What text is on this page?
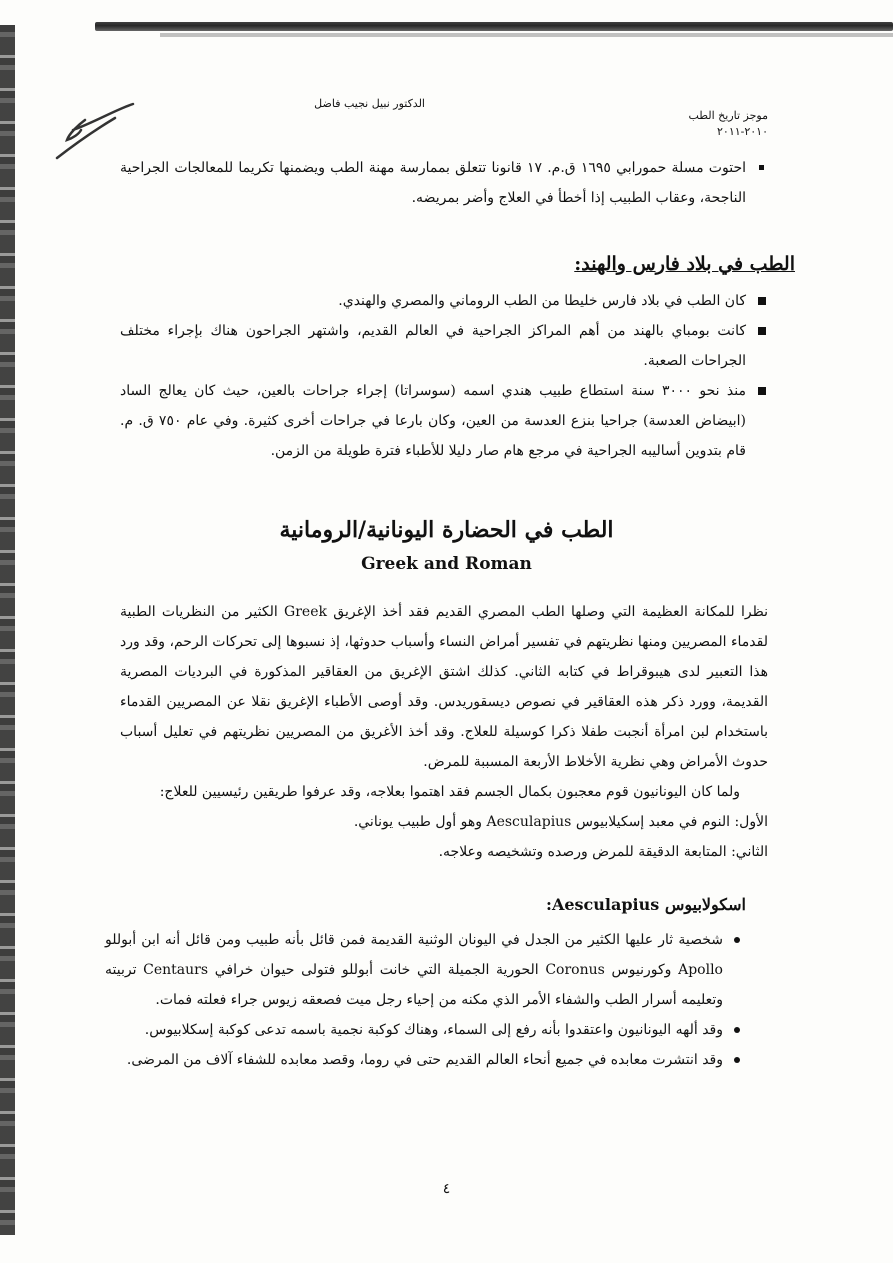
الدكتور نبيل نجيب فاضل
موجز تاريخ الطب
٢٠١٠-٢٠١١
احتوت مسلة حمورابي ١٦٩٥ ق.م. ١٧ قانونا تتعلق بممارسة مهنة الطب ويضمنها تكريما للمعالجات الجراحية الناجحة، وعقاب الطبيب إذا أخطأ في العلاج وأضر بمريضه.
الطب في بلاد فارس والهند:
كان الطب في بلاد فارس خليطا من الطب الروماني والمصري والهندي.
كانت بومباي بالهند من أهم المراكز الجراحية في العالم القديم، واشتهر الجراحون هناك بإجراء مختلف الجراحات الصعبة.
منذ نحو ٣٠٠٠ سنة استطاع طبيب هندي اسمه (سوسراتا) إجراء جراحات بالعين، حيث كان يعالج الساد (ابيضاض العدسة) جراحيا بنزع العدسة من العين، وكان بارعا في جراحات أخرى كثيرة. وفي عام ٧٥٠ ق. م. قام بتدوين أساليبه الجراحية في مرجع هام صار دليلا للأطباء فترة طويلة من الزمن.
الطب في الحضارة اليونانية/الرومانية
Greek and Roman

نظرا للمكانة العظيمة التي وصلها الطب المصري القديم فقد أخذ الإغريق Greek الكثير من النظريات الطبية لقدماء المصريين ومنها نظريتهم في تفسير أمراض النساء وأسباب حدوثها، إذ نسبوها إلى تحركات الرحم، وقد ورد هذا التعبير لدى هيبوقراط في كتابه الثاني. كذلك اشتق الإغريق من العقاقير المذكورة في البرديات المصرية القديمة، وورد ذكر هذه العقاقير في نصوص ديسقوريدس. وقد أوصى الأطباء الإغريق نقلا عن المصريين القدماء باستخدام لبن امرأة أنجبت طفلا ذكرا كوسيلة للعلاج. وقد أخذ الأغريق من المصريين نظريتهم في تعليل أسباب حدوث الأمراض وهي نظرية الأخلاط الأربعة المسببة للمرض.

ولما كان اليونانيون قوم معجبون بكمال الجسم فقد اهتموا بعلاجه، وقد عرفوا طريقين رئيسيين للعلاج:

الأول: النوم في معبد إسكيلابيوس Aesculapius وهو أول طبيب يوناني.

الثاني: المتابعة الدقيقة للمرض ورصده وتشخيصه وعلاجه.

اسكولابيوس Aesculapius:
شخصية ثار عليها الكثير من الجدل في اليونان الوثنية القديمة فمن قائل بأنه طبيب ومن قائل أنه ابن أبوللو Apollo وكورنيوس Coronus الحورية الجميلة التي خانت أبوللو فتولى حيوان خرافي Centaurs تربيته وتعليمه أسرار الطب والشفاء الأمر الذي مكنه من إحياء رجل ميت فصعقه زيوس جراء فعلته فمات.
وقد ألهه اليونانيون واعتقدوا بأنه رفع إلى السماء، وهناك كوكبة نجمية باسمه تدعى كوكبة إسكلابيوس.
وقد انتشرت معابده في جميع أنحاء العالم القديم حتى في روما، وقصد معابده للشفاء آلاف من المرضى.
٤
